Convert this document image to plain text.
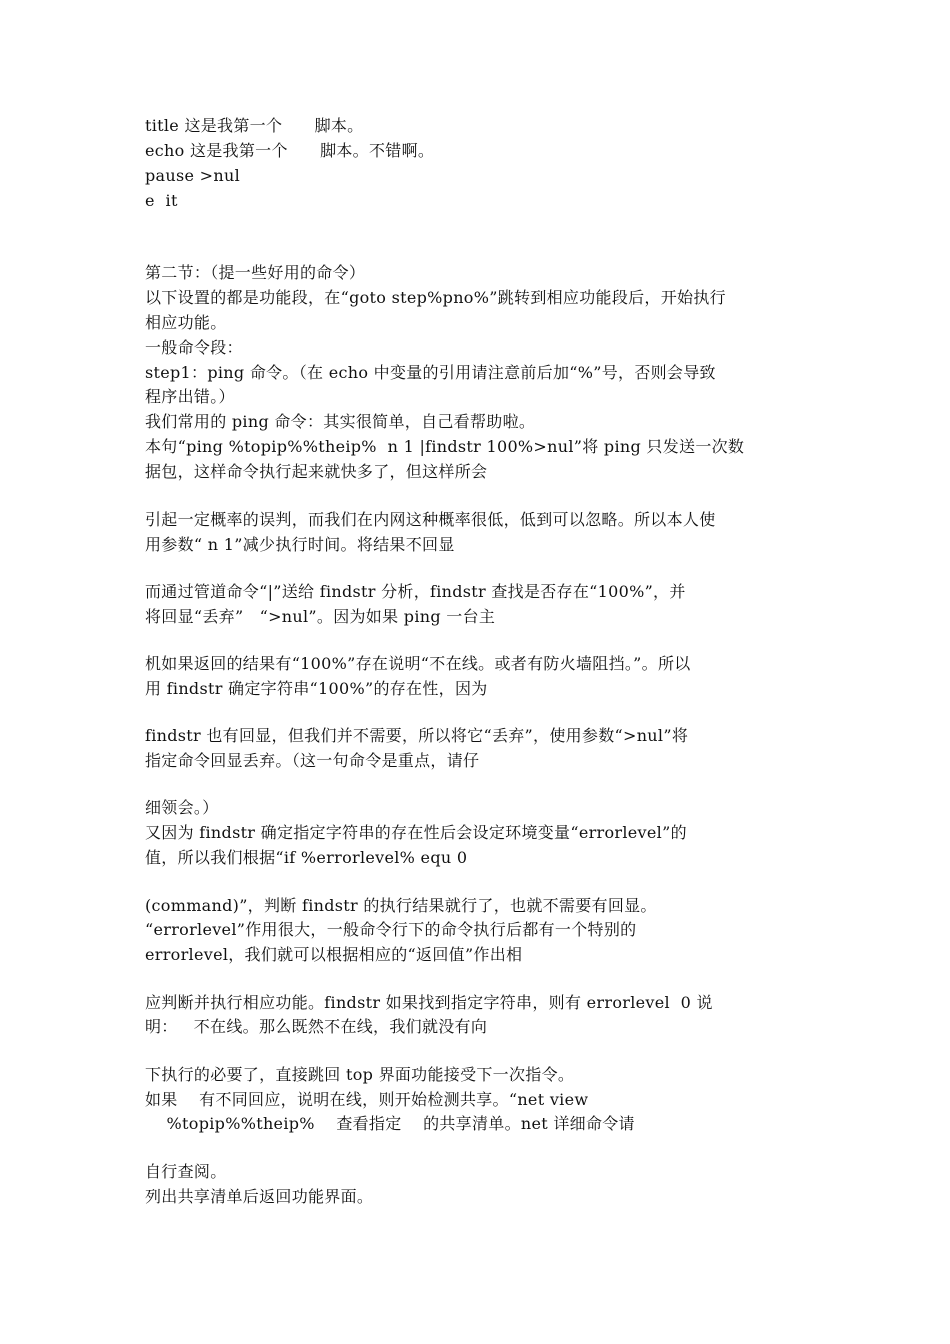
title 这是我第一个      脚本。
echo 这是我第一个      脚本。不错啊。
pause >nul
e  it
第二节：（提一些好用的命令）
以下设置的都是功能段，在“goto step%pno%”跳转到相应功能段后，开始执行
相应功能。
一般命令段：
step1：ping 命令。（在 echo 中变量的引用请注意前后加“%”号，否则会导致
程序出错。）
我们常用的 ping 命令：其实很简单，自己看帮助啦。
本句“ping %topip%%theip%  n 1 |findstr 100%>nul”将 ping 只发送一次数
据包，这样命令执行起来就快多了，但这样所会
引起一定概率的误判，而我们在内网这种概率很低，低到可以忽略。所以本人使
用参数“ n 1”减少执行时间。将结果不回显
而通过管道命令“|”送给 findstr 分析，findstr 查找是否存在“100%”，并
将回显“丢弃”   “>nul”。因为如果 ping 一台主
机如果返回的结果有“100%”存在说明“不在线。或者有防火墙阻挡。”。所以
用 findstr 确定字符串“100%”的存在性，因为
findstr 也有回显，但我们并不需要，所以将它“丢弃”，使用参数“>nul”将
指定命令回显丢弃。（这一句命令是重点，请仔
细领会。）
又因为 findstr 确定指定字符串的存在性后会设定环境变量“errorlevel”的
值，所以我们根据“if %errorlevel% equ 0
(command)”，判断 findstr 的执行结果就行了，也就不需要有回显。
“errorlevel”作用很大，一般命令行下的命令执行后都有一个特别的
errorlevel，我们就可以根据相应的“返回值”作出相
应判断并执行相应功能。findstr 如果找到指定字符串，则有 errorlevel  0 说
明：   不在线。那么既然不在线，我们就没有向
下执行的必要了，直接跳回 top 界面功能接受下一次指令。
如果    有不同回应，说明在线，则开始检测共享。“net view
%topip%%theip%    查看指定    的共享清单。net 详细命令请
自行查阅。
列出共享清单后返回功能界面。
